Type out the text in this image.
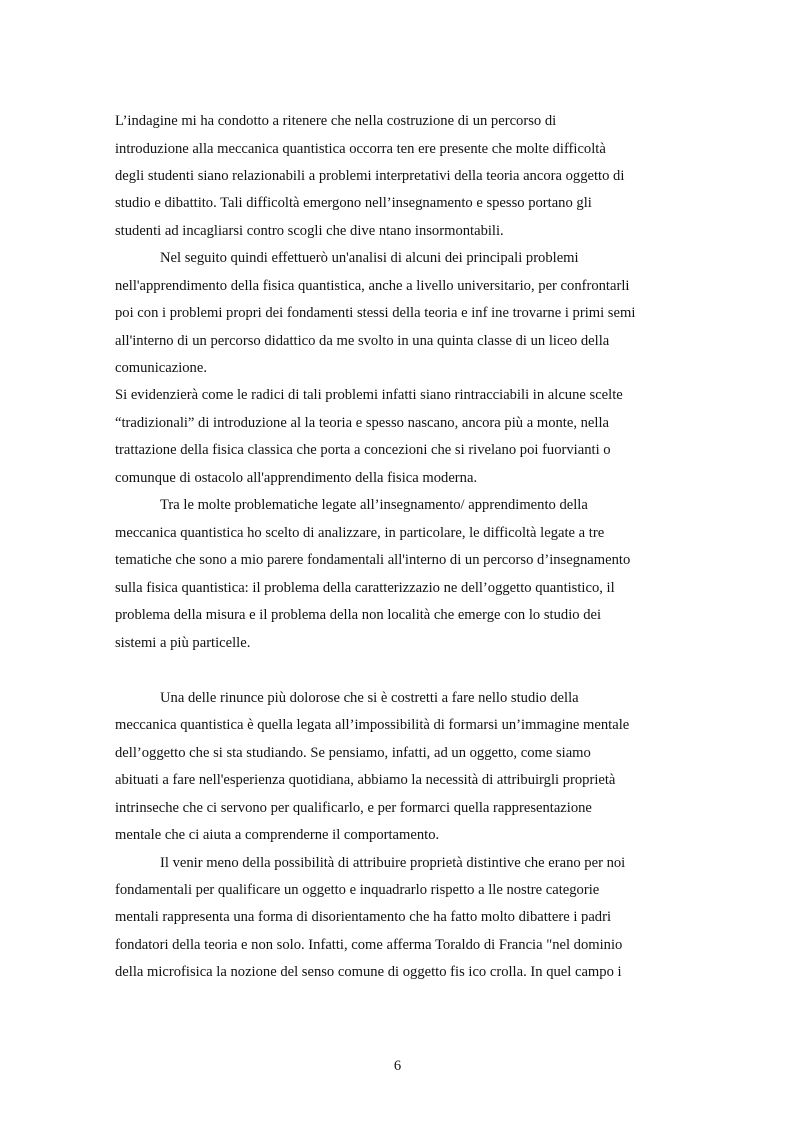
L’indagine mi ha condotto a ritenere che nella costruzione di un percorso di
introduzione alla meccanica quantistica occorra ten ere presente che molte difficoltà
degli studenti siano relazionabili a problemi interpretativi della teoria ancora oggetto di
studio e dibattito. Tali difficoltà emergono nell’insegnamento e spesso portano gli
studenti ad incagliarsi contro scogli che dive ntano insormontabili.
Nel seguito quindi effettuerò un'analisi di alcuni dei principali problemi
nell'apprendimento della fisica quantistica, anche a livello universitario, per confrontarli
poi con i problemi propri dei fondamenti stessi della teoria e inf ine trovarne i primi semi
all'interno di un percorso didattico da me svolto in una quinta classe di un liceo della
comunicazione.
Si evidenzierà come le radici di tali problemi infatti siano rintracciabili in alcune scelte
“tradizionali” di introduzione al la teoria e spesso nascano, ancora più a monte, nella
trattazione della fisica classica che porta a concezioni che si rivelano poi fuorvianti o
comunque di ostacolo all'apprendimento della fisica moderna.
Tra le molte problematiche legate all’insegnamento/ apprendimento della
meccanica quantistica ho scelto di analizzare, in particolare, le difficoltà legate a tre
tematiche che sono a mio parere fondamentali all'interno di un percorso d’insegnamento
sulla fisica quantistica: il problema della caratterizzazio ne dell’oggetto quantistico, il
problema della misura e il problema della non località che emerge con lo studio dei
sistemi a più particelle.
Una delle rinunce più dolorose che si è costretti a fare nello studio della
meccanica quantistica è quella legata all’impossibilità di formarsi un’immagine mentale
dell’oggetto che si sta studiando. Se pensiamo, infatti, ad un oggetto, come siamo
abituati a fare nell'esperienza quotidiana, abbiamo la necessità di attribuirgli proprietà
intrinseche che ci servono per qualificarlo, e per formarci quella rappresentazione
mentale che ci aiuta a comprenderne il comportamento.
Il venir meno della possibilità di attribuire proprietà distintive che erano per noi
fondamentali per qualificare un oggetto e inquadrarlo rispetto a lle nostre categorie
mentali rappresenta una forma di disorientamento che ha fatto molto dibattere i padri
fondatori della teoria e non solo. Infatti, come afferma Toraldo di Francia "nel dominio
della microfisica la nozione del senso comune di oggetto fis ico crolla. In quel campo i
6
